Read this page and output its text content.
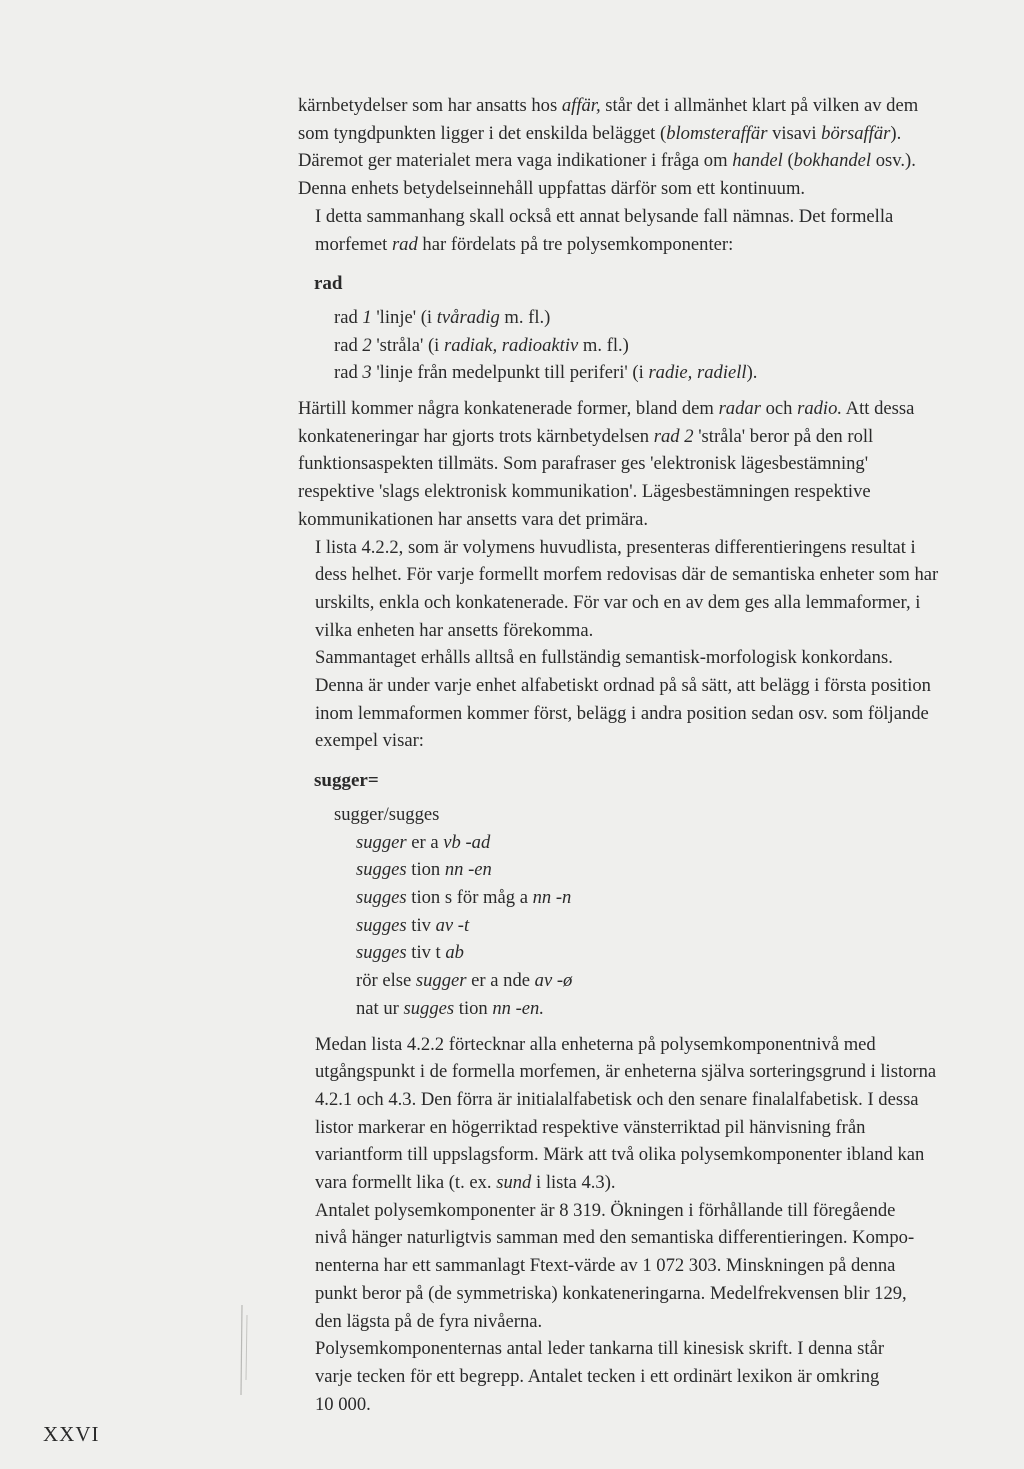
kärnbetydelser som har ansatts hos affär, står det i allmänhet klart på vilken av dem
som tyngdpunkten ligger i det enskilda belägget (blomsteraffär visavi börsaffär).
Däremot ger materialet mera vaga indikationer i fråga om handel (bokhandel osv.).
Denna enhets betydelseinnehåll uppfattas därför som ett kontinuum.
I detta sammanhang skall också ett annat belysande fall nämnas. Det formella
morfemet rad har fördelats på tre polysemkomponenter:
rad
rad 1 'linje' (i tvåradig m. fl.)
rad 2 'stråla' (i radiak, radioaktiv m. fl.)
rad 3 'linje från medelpunkt till periferi' (i radie, radiell).
Härtill kommer några konkatenerade former, bland dem radar och radio. Att dessa
konkateneringar har gjorts trots kärnbetydelsen rad 2 'stråla' beror på den roll
funktionsaspekten tillmäts. Som parafraser ges 'elektronisk lägesbestämning'
respektive 'slags elektronisk kommunikation'. Lägesbestämningen respektive
kommunikationen har ansetts vara det primära.
I lista 4.2.2, som är volymens huvudlista, presenteras differentieringens resultat i
dess helhet. För varje formellt morfem redovisas där de semantiska enheter som har
urskilts, enkla och konkatenerade. För var och en av dem ges alla lemmaformer, i
vilka enheten har ansetts förekomma.
Sammantaget erhålls alltså en fullständig semantisk-morfologisk konkordans.
Denna är under varje enhet alfabetiskt ordnad på så sätt, att belägg i första position
inom lemmaformen kommer först, belägg i andra position sedan osv. som följande
exempel visar:
sugger=
sugger/sugges
sugger er a vb -ad
sugges tion nn -en
sugges tion s för måg a nn -n
sugges tiv av -t
sugges tiv t ab
rör else sugger er a nde av -ø
nat ur sugges tion nn -en.
Medan lista 4.2.2 förtecknar alla enheterna på polysemkomponentnivå med
utgångspunkt i de formella morfemen, är enheterna själva sorteringsgrund i listorna
4.2.1 och 4.3. Den förra är initialalfabetisk och den senare finalalfabetisk. I dessa
listor markerar en högerriktad respektive vänsterriktad pil hänvisning från
variantform till uppslagsform. Märk att två olika polysemkomponenter ibland kan
vara formellt lika (t. ex. sund i lista 4.3).
Antalet polysemkomponenter är 8 319. Ökningen i förhållande till föregående
nivå hänger naturligtvis samman med den semantiska differentieringen. Kompo-
nenterna har ett sammanlagt Ftext-värde av 1 072 303. Minskningen på denna
punkt beror på (de symmetriska) konkateneringarna. Medelfrekvensen blir 129,
den lägsta på de fyra nivåerna.
Polysemkomponenternas antal leder tankarna till kinesisk skrift. I denna står
varje tecken för ett begrepp. Antalet tecken i ett ordinärt lexikon är omkring
10 000.
XXVI
